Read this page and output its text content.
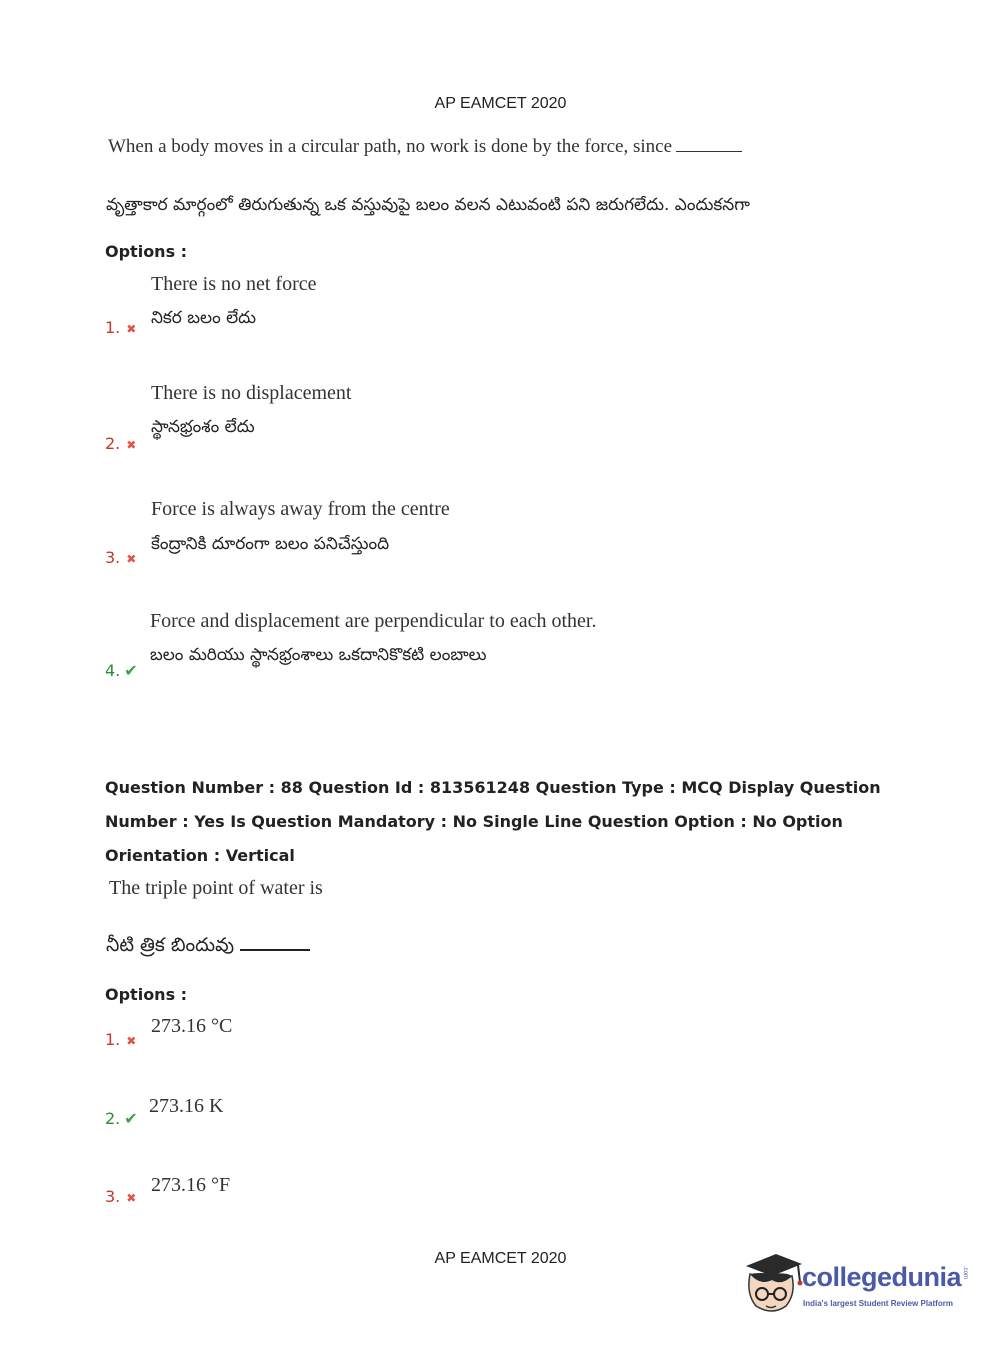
AP EAMCET 2020
When a body moves in a circular path, no work is done by the force, since
వృత్తాకార మార్గంలో తిరుగుతున్న ఒక వస్తువుపై బలం వలన ఎటువంటి పని జరుగలేదు. ఎందుకనగా
Options :
There is no net force
నికర బలం లేదు
1. ✖
There is no displacement
స్థానభ్రంశం లేదు
2. ✖
Force is always away from the centre
కేంద్రానికి దూరంగా బలం పనిచేస్తుంది
3. ✖
Force and displacement are perpendicular to each other.
బలం మరియు స్థానభ్రంశాలు ఒకదానికొకటి లంబాలు
4. ✔
Question Number : 88 Question Id : 813561248 Question Type : MCQ Display Question
Number : Yes Is Question Mandatory : No Single Line Question Option : No Option
Orientation : Vertical
The triple point of water is
నీటి త్రిక బిందువు
Options :
273.16 °C
1. ✖
273.16 K
2. ✔
273.16 °F
3. ✖
AP EAMCET 2020
collegedunia .com
India's largest Student Review Platform
